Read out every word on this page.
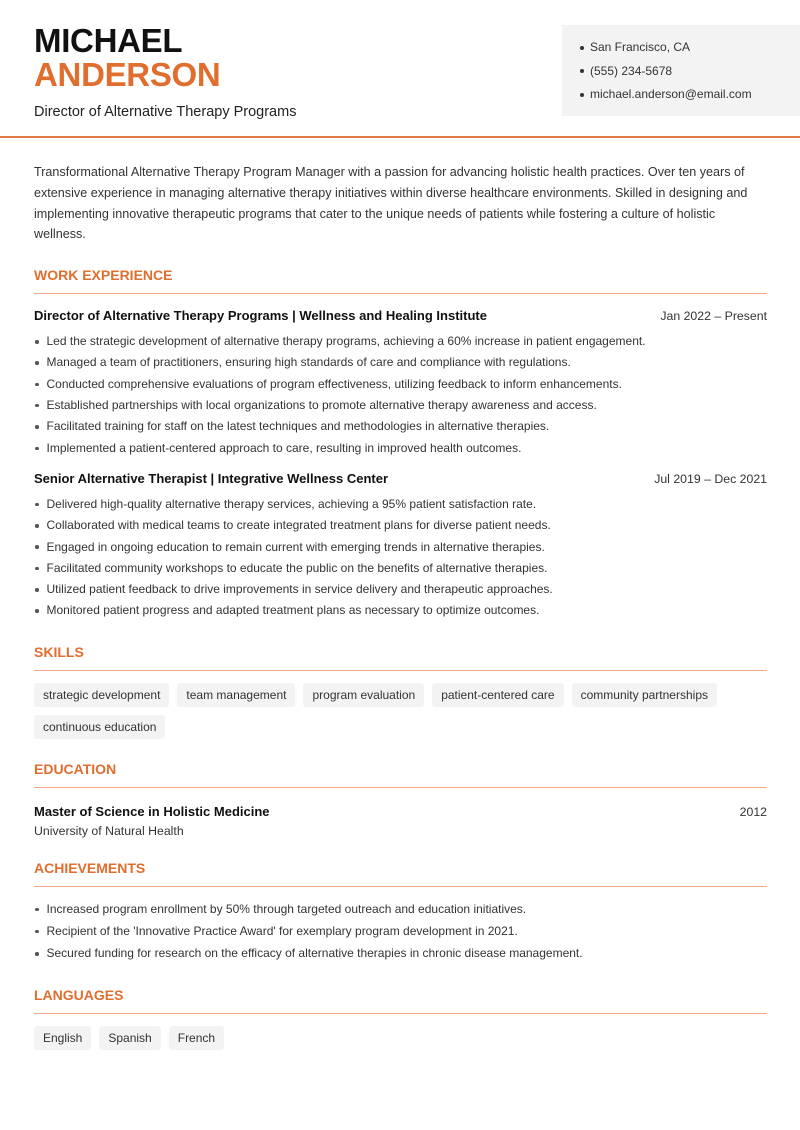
MICHAEL
ANDERSON
Director of Alternative Therapy Programs
San Francisco, CA
(555) 234-5678
michael.anderson@email.com

Transformational Alternative Therapy Program Manager with a passion for advancing holistic health practices. Over ten years of extensive experience in managing alternative therapy initiatives within diverse healthcare environments. Skilled in designing and implementing innovative therapeutic programs that cater to the unique needs of patients while fostering a culture of holistic wellness.

WORK EXPERIENCE
Director of Alternative Therapy Programs | Wellness and Healing Institute	Jan 2022 – Present
Led the strategic development of alternative therapy programs, achieving a 60% increase in patient engagement.
Managed a team of practitioners, ensuring high standards of care and compliance with regulations.
Conducted comprehensive evaluations of program effectiveness, utilizing feedback to inform enhancements.
Established partnerships with local organizations to promote alternative therapy awareness and access.
Facilitated training for staff on the latest techniques and methodologies in alternative therapies.
Implemented a patient-centered approach to care, resulting in improved health outcomes.
Senior Alternative Therapist | Integrative Wellness Center	Jul 2019 – Dec 2021
Delivered high-quality alternative therapy services, achieving a 95% patient satisfaction rate.
Collaborated with medical teams to create integrated treatment plans for diverse patient needs.
Engaged in ongoing education to remain current with emerging trends in alternative therapies.
Facilitated community workshops to educate the public on the benefits of alternative therapies.
Utilized patient feedback to drive improvements in service delivery and therapeutic approaches.
Monitored patient progress and adapted treatment plans as necessary to optimize outcomes.
SKILLS
strategic development	team management	program evaluation	patient-centered care	community partnerships
continuous education
EDUCATION
Master of Science in Holistic Medicine	2012
University of Natural Health
ACHIEVEMENTS
Increased program enrollment by 50% through targeted outreach and education initiatives.
Recipient of the 'Innovative Practice Award' for exemplary program development in 2021.
Secured funding for research on the efficacy of alternative therapies in chronic disease management.
LANGUAGES
English	Spanish	French
